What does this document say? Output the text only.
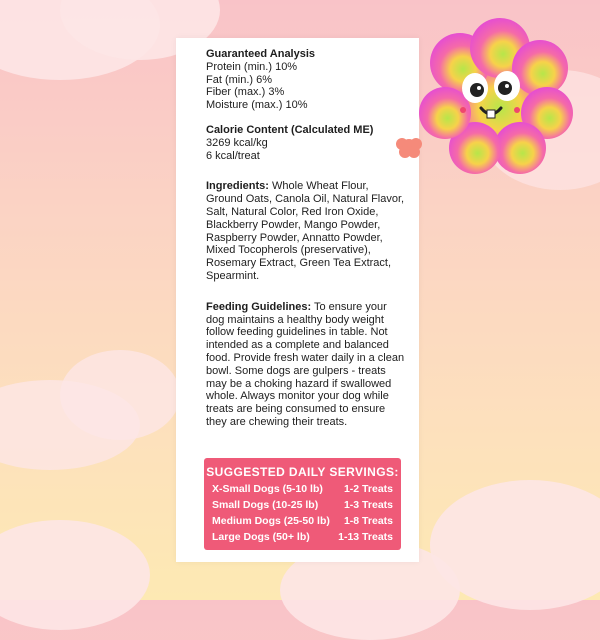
Guaranteed Analysis
Protein (min.) 10%
Fat (min.) 6%
Fiber (max.) 3%
Moisture (max.) 10%
Calorie Content (Calculated ME)
3269 kcal/kg
6 kcal/treat
Ingredients: Whole Wheat Flour, Ground Oats, Canola Oil, Natural Flavor, Salt, Natural Color, Red Iron Oxide, Blackberry Powder, Mango Powder, Raspberry Powder, Annatto Powder, Mixed Tocopherols (preservative), Rosemary Extract, Green Tea Extract, Spearmint.
Feeding Guidelines: To ensure your dog maintains a healthy body weight follow feeding guidelines in table. Not intended as a complete and balanced food. Provide fresh water daily in a clean bowl. Some dogs are gulpers - treats may be a choking hazard if swallowed whole. Always monitor your dog while treats are being consumed to ensure they are chewing their treats.
SUGGESTED DAILY SERVINGS:
X-Small Dogs (5-10 lb) 1-2 Treats
Small Dogs (10-25 lb) 1-3 Treats
Medium Dogs (25-50 lb) 1-8 Treats
Large Dogs (50+ lb)	1-13 Treats
